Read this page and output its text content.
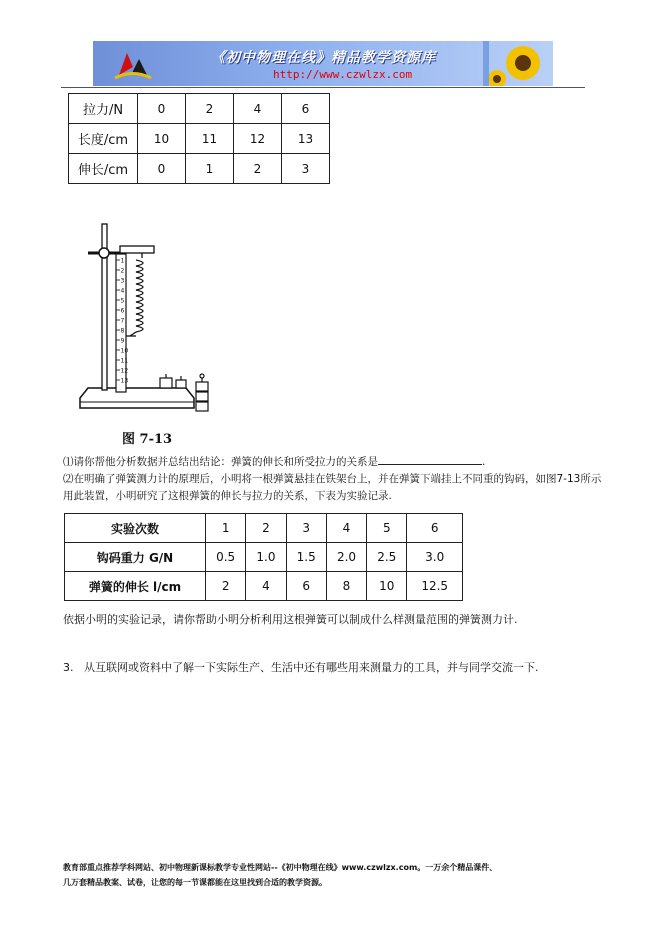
《初中物理在线》精品教学资源库
http://www.czwlzx.com
拉力/N	0	2	4	6
长度/cm	10	11	12	13
伸长/cm	0	1	2	3
1
2
3
4
5
6
7
8
9
10
11
12
13
图 7-13
⑴请你帮他分析数据并总结出结论：弹簧的伸长和所受拉力的关系是	.
⑵在明确了弹簧测力计的原理后，小明将一根弹簧悬挂在铁架台上，并在弹簧下端挂上不同重的钩码，如图7-13所示
用此装置，小明研究了这根弹簧的伸长与拉力的关系，下表为实验记录.
实验次数	1	2	3	4	5	6
钩码重力 G/N	0.5	1.0	1.5	2.0	2.5	3.0
弹簧的伸长 l/cm	2	4	6	8	10	12.5
依据小明的实验记录，请你帮助小明分析利用这根弹簧可以制成什么样测量范围的弹簧测力计.
3. 从互联网或资料中了解一下实际生产、生活中还有哪些用来测量力的工具，并与同学交流一下.
教育部重点推荐学科网站、初中物理新课标教学专业性网站--《初中物理在线》www.czwlzx.com。一万余个精品课件、
几万套精品教案、试卷，让您的每一节课都能在这里找到合适的教学资源。
